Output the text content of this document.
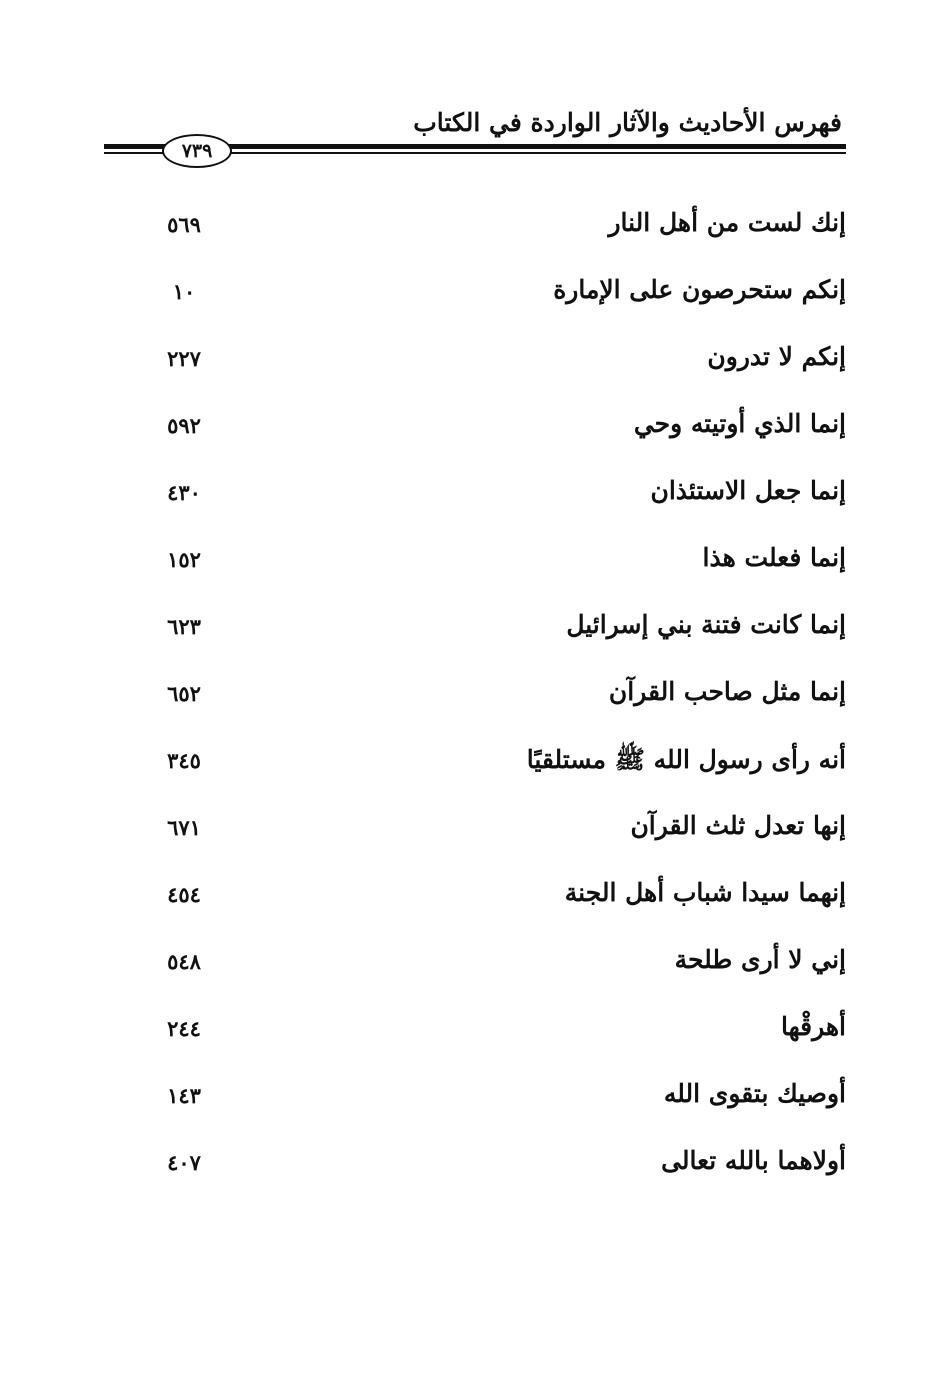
فهرس الأحاديث والآثار الواردة في الكتاب
٧٣٩
إنك لست من أهل النار
٥٦٩
إنكم ستحرصون على الإمارة
١٠
إنكم لا تدرون
٢٢٧
إنما الذي أوتيته وحي
٥٩٢
إنما جعل الاستئذان
٤٣٠
إنما فعلت هذا
١٥٢
إنما كانت فتنة بني إسرائيل
٦٢٣
إنما مثل صاحب القرآن
٦٥٢
أنه رأى رسول الله ﷺ مستلقيًا
٣٤٥
إنها تعدل ثلث القرآن
٦٧١
إنهما سيدا شباب أهل الجنة
٤٥٤
إني لا أرى طلحة
٥٤٨
أهرقْها
٢٤٤
أوصيك بتقوى الله
١٤٣
أولاهما بالله تعالى
٤٠٧
